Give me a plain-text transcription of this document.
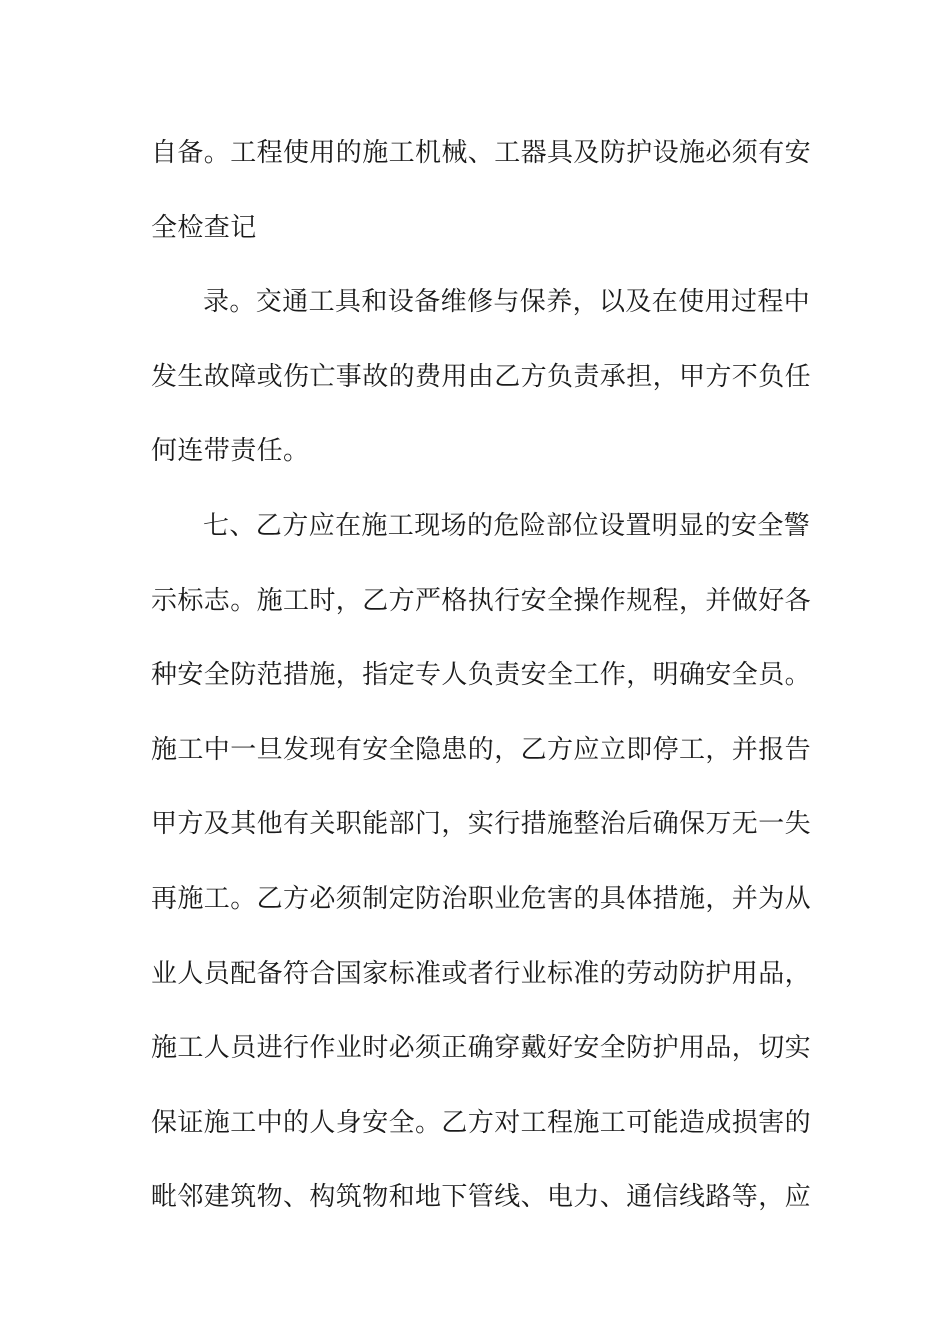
自备。工程使用的施工机械、工器具及防护设施必须有安
全检查记
录。交通工具和设备维修与保养，以及在使用过程中
发生故障或伤亡事故的费用由乙方负责承担，甲方不负任
何连带责任。
七、乙方应在施工现场的危险部位设置明显的安全警
示标志。施工时，乙方严格执行安全操作规程，并做好各
种安全防范措施，指定专人负责安全工作，明确安全员。
施工中一旦发现有安全隐患的，乙方应立即停工，并报告
甲方及其他有关职能部门，实行措施整治后确保万无一失
再施工。乙方必须制定防治职业危害的具体措施，并为从
业人员配备符合国家标准或者行业标准的劳动防护用品，
施工人员进行作业时必须正确穿戴好安全防护用品，切实
保证施工中的人身安全。乙方对工程施工可能造成损害的
毗邻建筑物、构筑物和地下管线、电力、通信线路等，应
